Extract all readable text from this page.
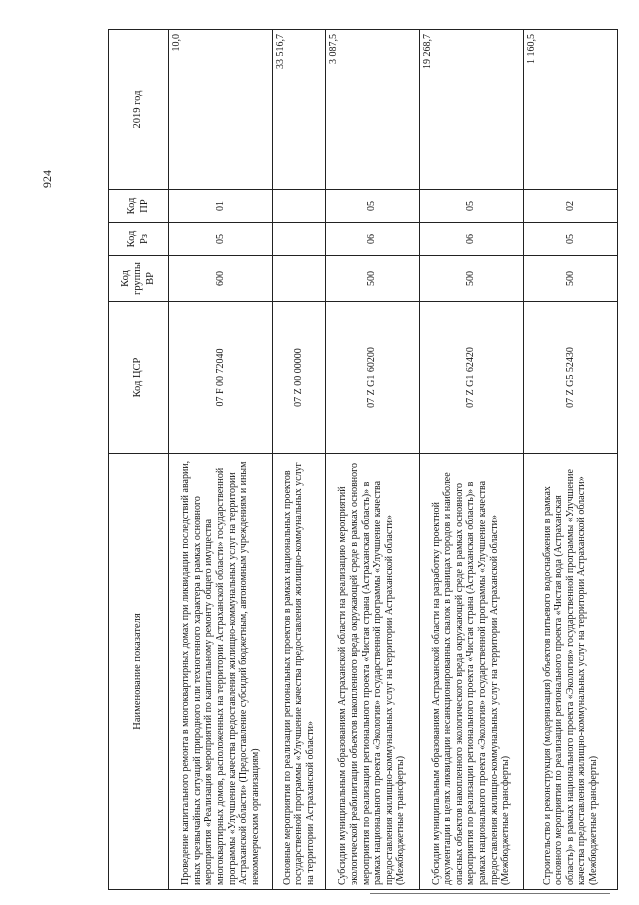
924
Наименование показателя	Код ЦСР	Код группы ВР	Код Рз	Код ПР	2019 год
Проведение капитального ремонта в многоквартирных домах при ликвидации последствий аварии, иных чрезвычайных ситуаций природного или техногенного характера в рамках основного мероприятия «Реализация мероприятий по капитальному ремонту общего имущества многоквартирных домов, расположенных на территории Астраханской области» государственной программы «Улучшение качества предоставления жилищно-коммунальных услуг на территории Астраханской области» (Предоставление субсидий бюджетным, автономным учреждениям и иным некоммерческим организациям)	07 F 00 72040	600	05	01	10,0
Основные мероприятия по реализации региональных проектов в рамках национальных проектов государственной программы «Улучшение качества предоставления жилищно-коммунальных услуг на территории Астраханской области»	07 Z 00 00000				33 516,7
Субсидии муниципальным образованиям Астраханской области на реализацию мероприятий экологической реабилитации объектов накопленного вреда окружающей среде в рамках основного мероприятия по реализации регионального проекта «Чистая страна (Астраханская область)» в рамках национального проекта «Экология» государственной программы «Улучшение качества предоставления жилищно-коммунальных услуг на территории Астраханской области» (Межбюджетные трансферты)	07 Z G1 60200	500	06	05	3 087,5
Субсидии муниципальным образованиям Астраханской области на разработку проектной документации в целях ликвидации несанкционированных свалок в границах городов и наиболее опасных объектов накопленного экологического вреда окружающей среде в рамках основного мероприятия по реализации регионального проекта «Чистая страна (Астраханская область)» в рамках национального проекта «Экология» государственной программы «Улучшение качества предоставления жилищно-коммунальных услуг на территории Астраханской области» (Межбюджетные трансферты)	07 Z G1 62420	500	06	05	19 268,7
Строительство и реконструкция (модернизация) объектов питьевого водоснабжения в рамках основного мероприятия по реализации регионального проекта «Чистая вода (Астраханская область)» в рамках национального проекта «Экология» государственной программы «Улучшение качества предоставления жилищно-коммунальных услуг на территории Астраханской области» (Межбюджетные трансферты)	07 Z G5 52430	500	05	02	1 160,5
